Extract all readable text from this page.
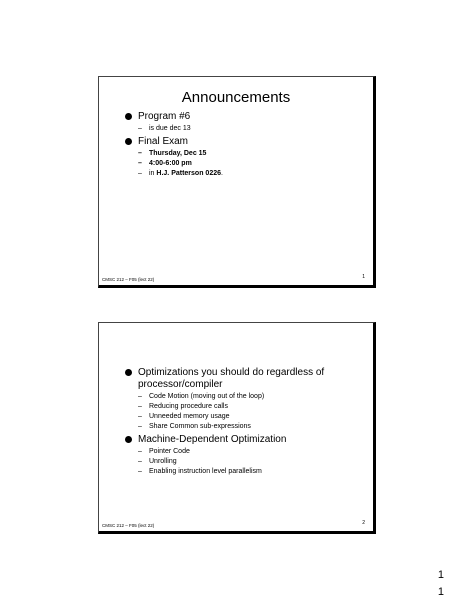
Announcements
Program #6
– is due dec 13
Final Exam
– Thursday, Dec 15
– 4:00-6:00 pm
– in H.J. Patterson 0226.
CMSC 212 – F05 (lect 22)	1
Optimizations you should do regardless of processor/compiler
– Code Motion (moving out of the loop)
– Reducing procedure calls
– Unneeded memory usage
– Share Common sub-expressions
Machine-Dependent Optimization
– Pointer Code
– Unrolling
– Enabling instruction level parallelism
CMSC 212 – F05 (lect 22)	2
1
1
